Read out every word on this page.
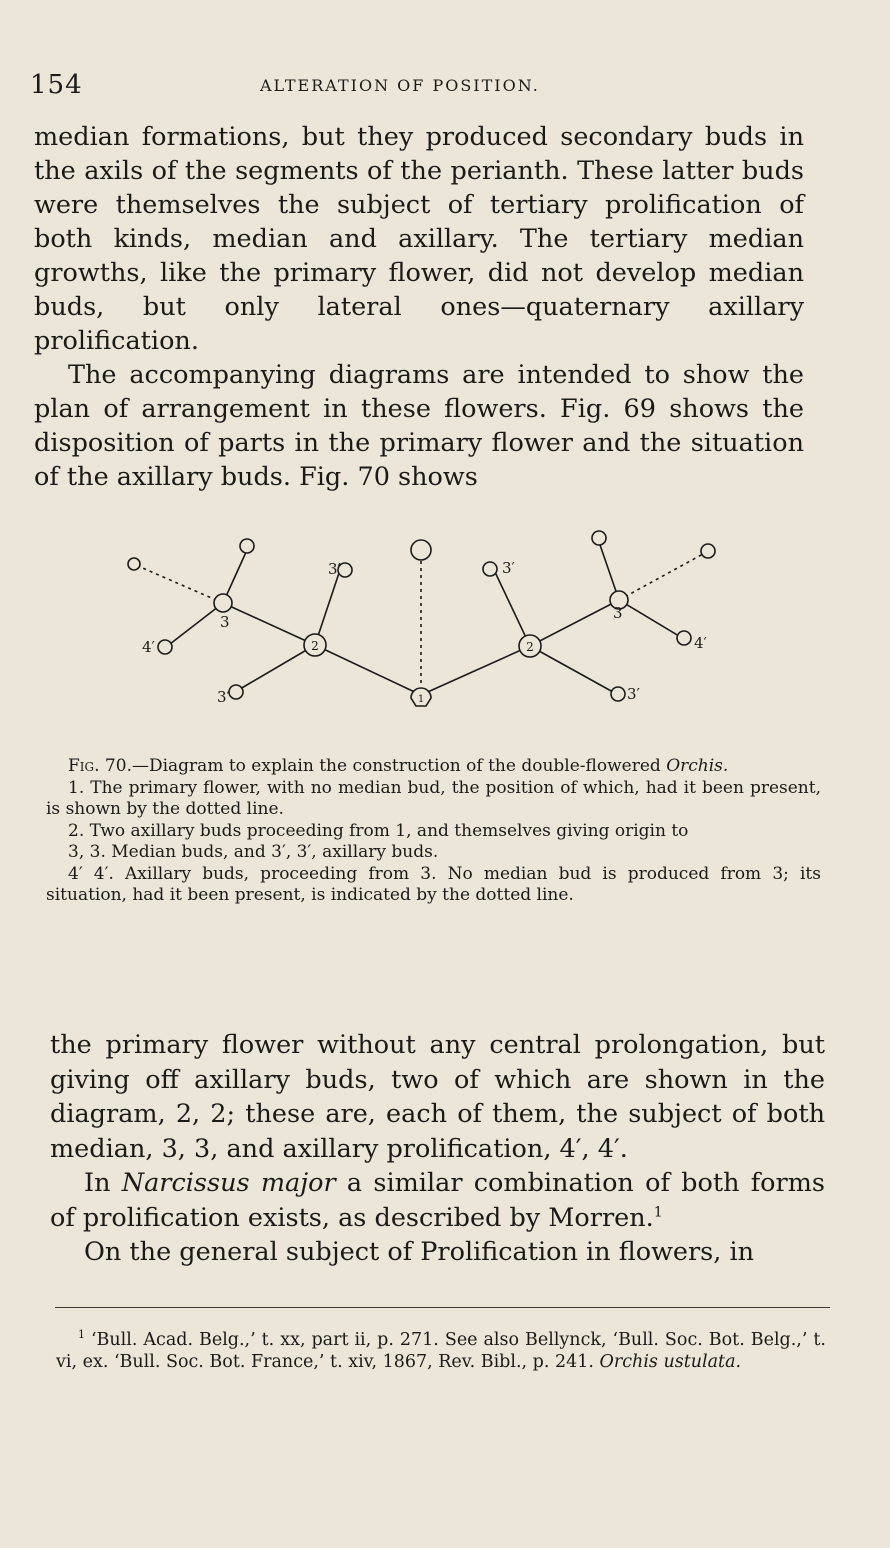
154	ALTERATION OF POSITION.

median formations, but they produced secondary buds in the axils of the segments of the perianth. These latter buds were themselves the subject of tertiary prolification of both kinds, median and axillary. The tertiary median growths, like the primary flower, did not develop median buds, but only lateral ones—quaternary axillary prolification.

The accompanying diagrams are intended to show the plan of arrangement in these flowers. Fig. 69 shows the disposition of parts in the primary flower and the situation of the axillary buds. Fig. 70 shows

2	2
1
3	3
3′
3′
3′
3′
4′	4′

Fig. 70.—Diagram to explain the construction of the double-flowered Orchis.

1. The primary flower, with no median bud, the position of which, had it been present, is shown by the dotted line.

2. Two axillary buds proceeding from 1, and themselves giving origin to

3, 3. Median buds, and 3′, 3′, axillary buds.

4′ 4′. Axillary buds, proceeding from 3. No median bud is produced from 3; its situation, had it been present, is indicated by the dotted line.

the primary flower without any central prolongation, but giving off axillary buds, two of which are shown in the diagram, 2, 2; these are, each of them, the subject of both median, 3, 3, and axillary prolification, 4′, 4′.

In Narcissus major a similar combination of both forms of prolification exists, as described by Morren.$^1$

On the general subject of Prolification in flowers, in

$^1$ ‘Bull. Acad. Belg.,’ t. xx, part ii, p. 271. See also Bellynck, ‘Bull. Soc. Bot. Belg.,’ t. vi, ex. ‘Bull. Soc. Bot. France,’ t. xiv, 1867, Rev. Bibl., p. 241. Orchis ustulata.
